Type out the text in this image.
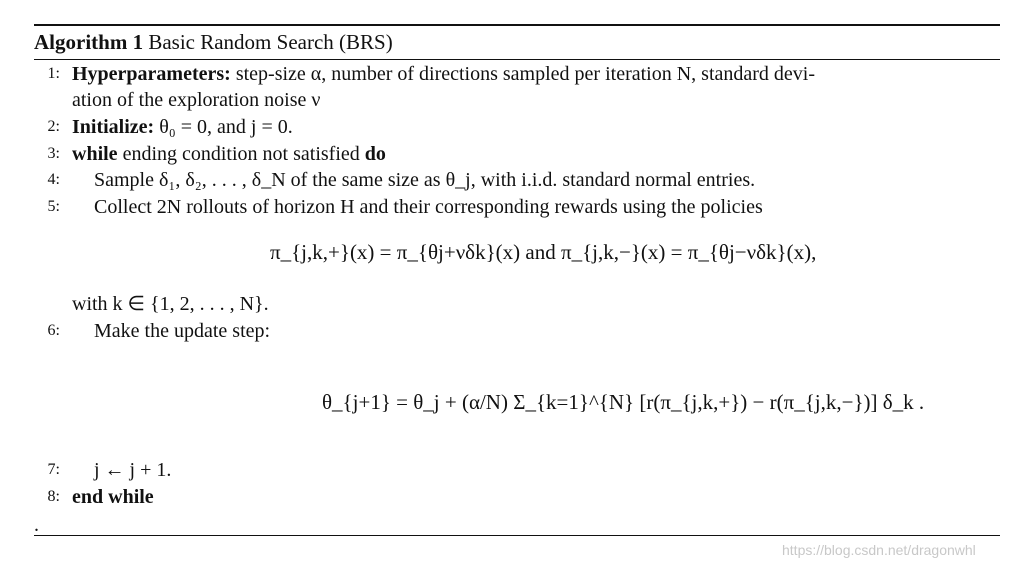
Algorithm 1 Basic Random Search (BRS)
1: Hyperparameters: step-size α, number of directions sampled per iteration N, standard devi-
ation of the exploration noise ν
2: Initialize: θ₀ = 0, and j = 0.
3: while ending condition not satisfied do
4: Sample δ₁, δ₂, . . . , δ_N of the same size as θ_j, with i.i.d. standard normal entries.
5: Collect 2N rollouts of horizon H and their corresponding rewards using the policies
π_{j,k,+}(x) = π_{θj+νδk}(x) and π_{j,k,−}(x) = π_{θj−νδk}(x),
with k ∈ {1, 2, . . . , N}.
6: Make the update step:
θ_{j+1} = θ_j + (α/N) Σ_{k=1}^{N} [r(π_{j,k,+}) − r(π_{j,k,−})] δ_k .
7: j ← j + 1.
8: end while
.
https://blog.csdn.net/dragonwhl
